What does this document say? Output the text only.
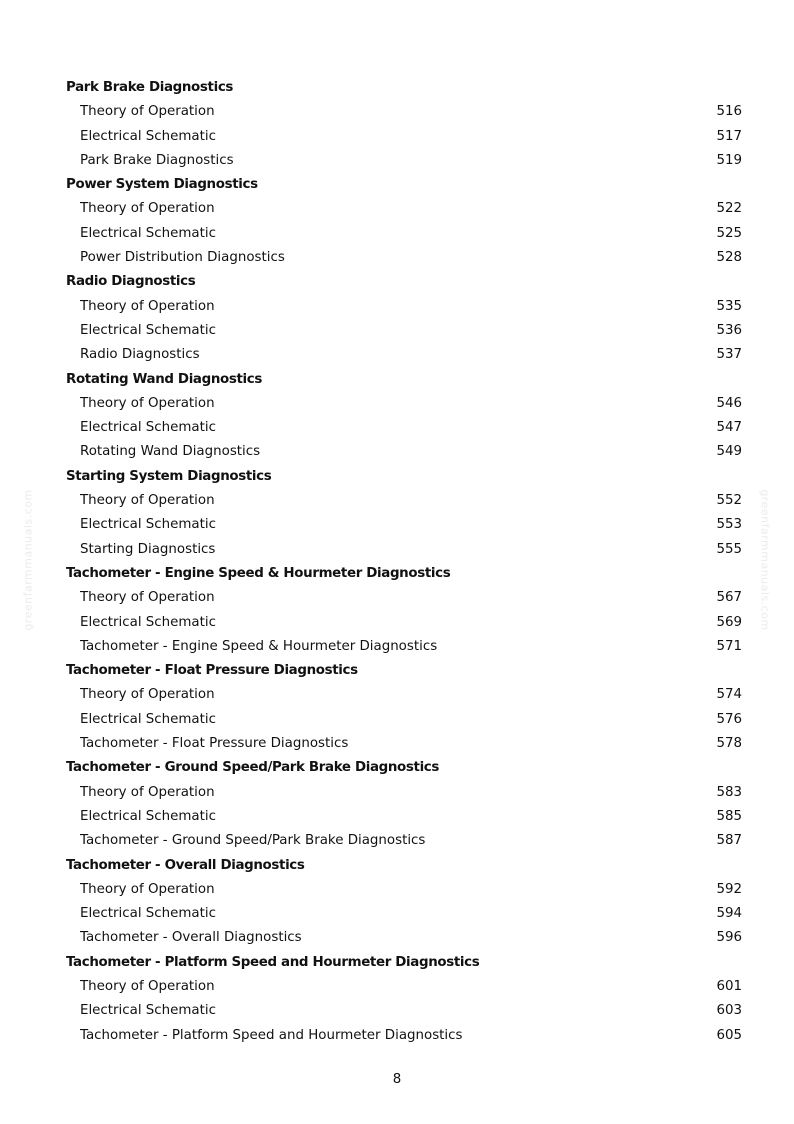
greenfarmmanuals.com	greenfarmmanuals.com
Park Brake Diagnostics
Theory of Operation	516
Electrical Schematic	517
Park Brake Diagnostics	519
Power System Diagnostics
Theory of Operation	522
Electrical Schematic	525
Power Distribution Diagnostics	528
Radio Diagnostics
Theory of Operation	535
Electrical Schematic	536
Radio Diagnostics	537
Rotating Wand Diagnostics
Theory of Operation	546
Electrical Schematic	547
Rotating Wand Diagnostics	549
Starting System Diagnostics
Theory of Operation	552
Electrical Schematic	553
Starting Diagnostics	555
Tachometer - Engine Speed & Hourmeter Diagnostics
Theory of Operation	567
Electrical Schematic	569
Tachometer - Engine Speed & Hourmeter Diagnostics	571
Tachometer - Float Pressure Diagnostics
Theory of Operation	574
Electrical Schematic	576
Tachometer - Float Pressure Diagnostics	578
Tachometer - Ground Speed/Park Brake Diagnostics
Theory of Operation	583
Electrical Schematic	585
Tachometer - Ground Speed/Park Brake Diagnostics	587
Tachometer - Overall Diagnostics
Theory of Operation	592
Electrical Schematic	594
Tachometer - Overall Diagnostics	596
Tachometer - Platform Speed and Hourmeter Diagnostics
Theory of Operation	601
Electrical Schematic	603
Tachometer - Platform Speed and Hourmeter Diagnostics	605
8
